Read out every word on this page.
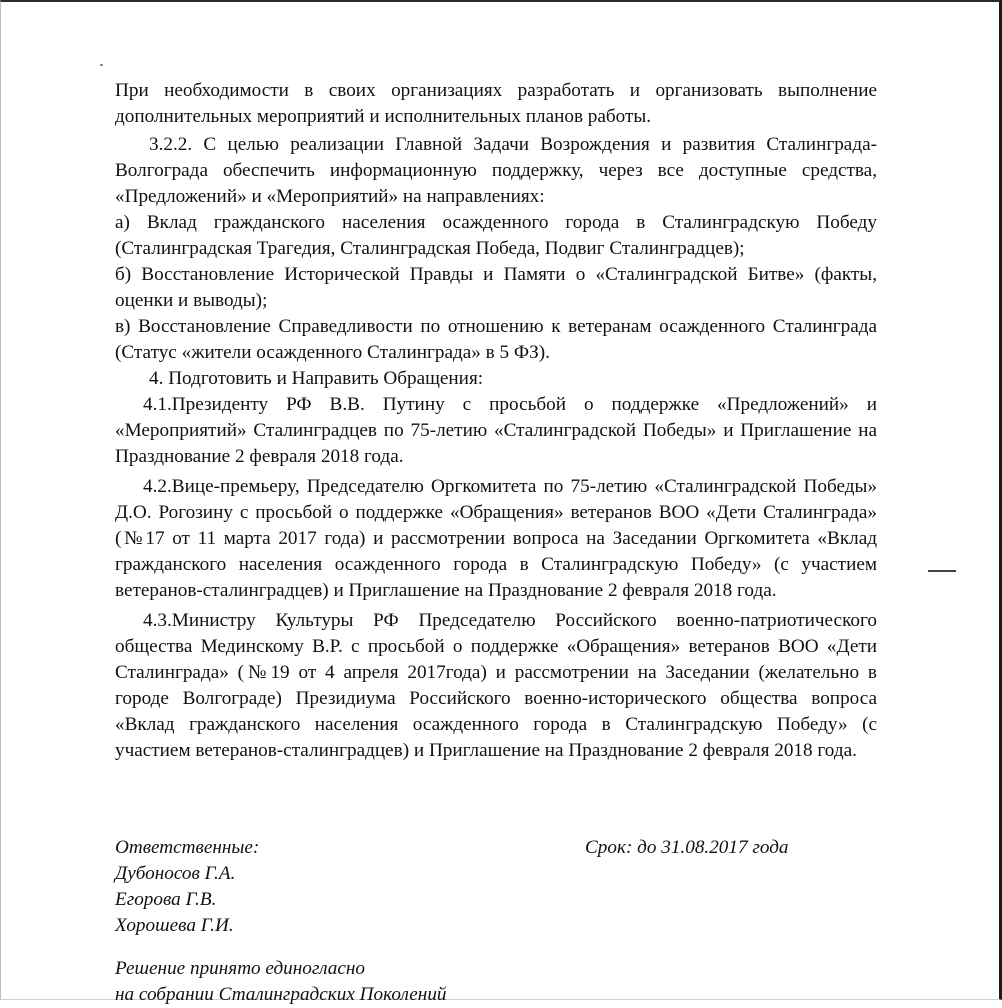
При необходимости в своих организациях разработать и организовать выполнение дополнительных мероприятий и исполнительных планов работы.

3.2.2. С целью реализации Главной Задачи Возрождения и развития Сталинграда-Волгограда обеспечить информационную поддержку, через все доступные средства, «Предложений» и «Мероприятий» на направлениях:

а) Вклад гражданского населения осажденного города в Сталинградскую Победу (Сталинградская Трагедия, Сталинградская Победа, Подвиг Сталинградцев);

б) Восстановление Исторической Правды и Памяти о «Сталинградской Битве» (факты, оценки и выводы);

в) Восстановление Справедливости по отношению к ветеранам осажденного Сталинграда (Статус «жители осажденного Сталинграда» в 5 ФЗ).

4. Подготовить и Направить Обращения:

4.1.Президенту РФ В.В. Путину с просьбой о поддержке «Предложений» и «Мероприятий» Сталинградцев по 75-летию «Сталинградской Победы» и Приглашение на Празднование 2 февраля 2018 года.

4.2.Вице-премьеру, Председателю Оргкомитета по 75-летию «Сталинградской Победы» Д.О. Рогозину с просьбой о поддержке «Обращения» ветеранов ВОО «Дети Сталинграда» (№17 от 11 марта 2017 года) и рассмотрении вопроса на Заседании Оргкомитета «Вклад гражданского населения осажденного города в Сталинградскую Победу» (с участием ветеранов-сталинградцев) и Приглашение на Празднование 2 февраля 2018 года.

4.3.Министру Культуры РФ Председателю Российского военно-патриотического общества Мединскому В.Р. с просьбой о поддержке «Обращения» ветеранов ВОО «Дети Сталинграда» (№19 от 4 апреля 2017года) и рассмотрении на Заседании (желательно в городе Волгограде) Президиума Российского военно-исторического общества вопроса «Вклад гражданского населения осажденного города в Сталинградскую Победу» (с участием ветеранов-сталинградцев) и Приглашение на Празднование 2 февраля 2018 года.

Ответственные:
Дубоносов Г.А.
Егорова Г.В.
Хорошева Г.И.
Срок: до 31.08.2017 года
Решение принято единогласно
на собрании Сталинградских Поколений
